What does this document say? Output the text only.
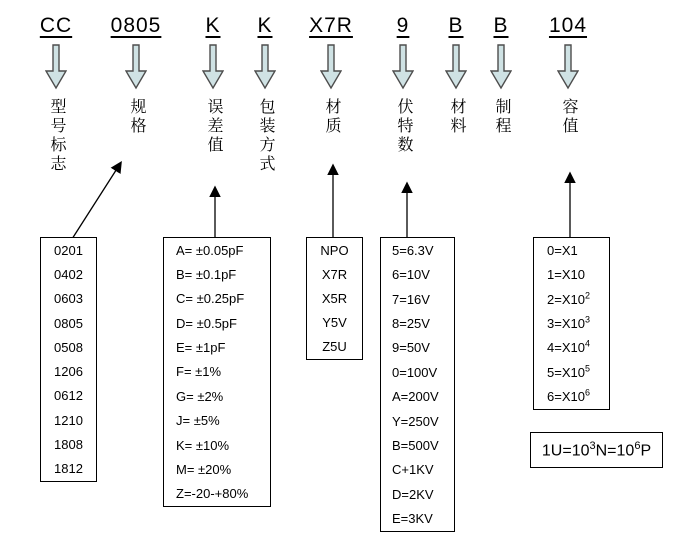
CC
型号标志
0805
规格
K
误差值
K
包装方式
X7R
材质
9
伏特数
B
材料
B
制程
104
容值
0201
0402
0603
0805
0508
1206
0612
1210
1808
1812
A= ±0.05pF
B= ±0.1pF
C= ±0.25pF
D= ±0.5pF
E= ±1pF
F= ±1%
G= ±2%
J= ±5%
K= ±10%
M= ±20%
Z=-20-+80%
NPO
X7R
X5R
Y5V
Z5U
5=6.3V
6=10V
7=16V
8=25V
9=50V
0=100V
A=200V
Y=250V
B=500V
C+1KV
D=2KV
E=3KV
0=X1
1=X10
$2=X10^2$
$3=X10^3$
$4=X10^4$
$5=X10^5$
$6=X10^6$
$1U=10^3N=10^6P$
